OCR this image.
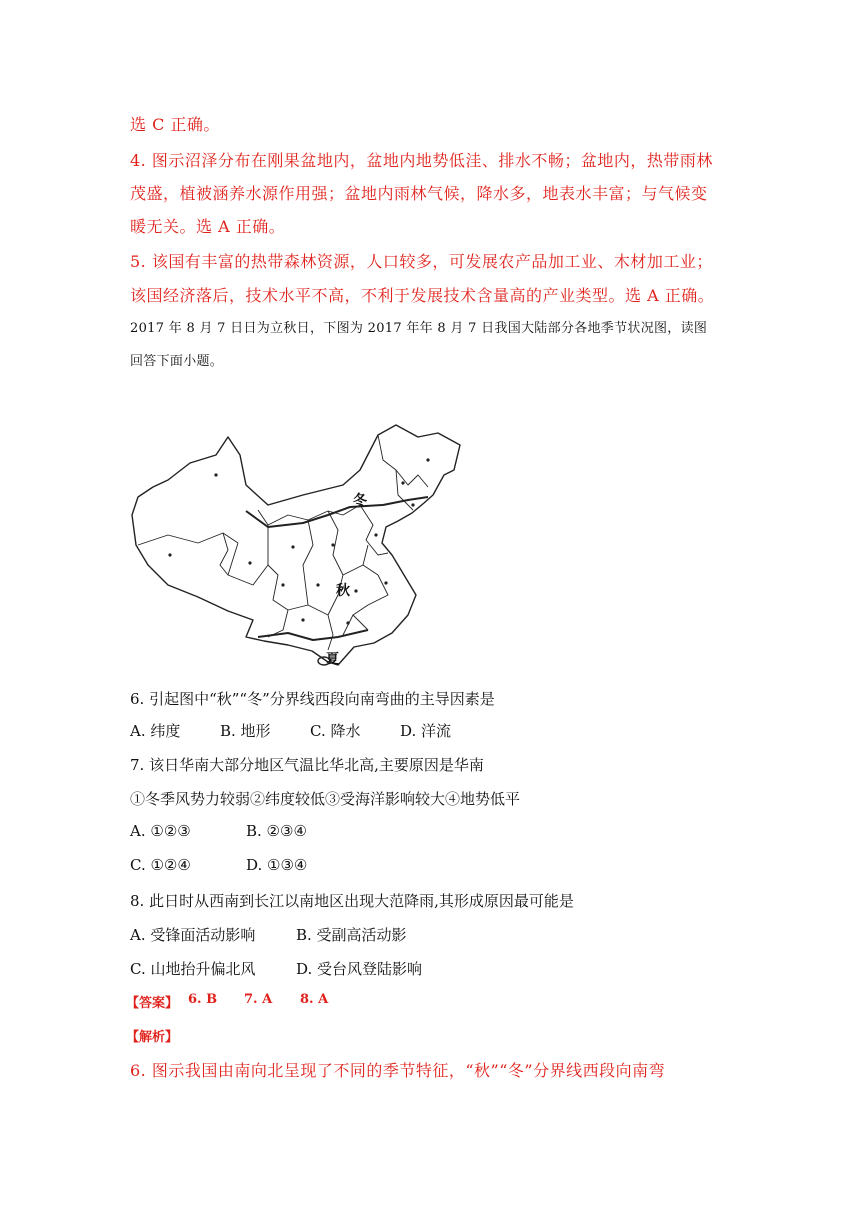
选 C 正确。
4. 图示沼泽分布在刚果盆地内，盆地内地势低洼、排水不畅；盆地内，热带雨林
茂盛，植被涵养水源作用强；盆地内雨林气候，降水多，地表水丰富；与气候变
暖无关。选 A 正确。
5. 该国有丰富的热带森林资源，人口较多，可发展农产品加工业、木材加工业；
该国经济落后，技术水平不高，不利于发展技术含量高的产业类型。选 A 正确。
2017 年 8 月 7 日日为立秋日，下图为 2017 年年 8 月 7 日我国大陆部分各地季节状况图，读图
回答下面小题。
冬
秋
夏
6. 引起图中“秋”“冬”分界线西段向南弯曲的主导因素是
A. 纬度	B. 地形	C. 降水	D. 洋流
7. 该日华南大部分地区气温比华北高,主要原因是华南
①冬季风势力较弱②纬度较低③受海洋影响较大④地势低平
A. ①②③	B. ②③④
C. ①②④	D. ①③④
8. 此日时从西南到长江以南地区出现大范降雨,其形成原因最可能是
A. 受锋面活动影响	B. 受副高活动影
C. 山地抬升偏北风	D. 受台风登陆影响
【答案】 6. B 7. A 8. A
【解析】
6. 图示我国由南向北呈现了不同的季节特征，“秋”“冬”分界线西段向南弯
